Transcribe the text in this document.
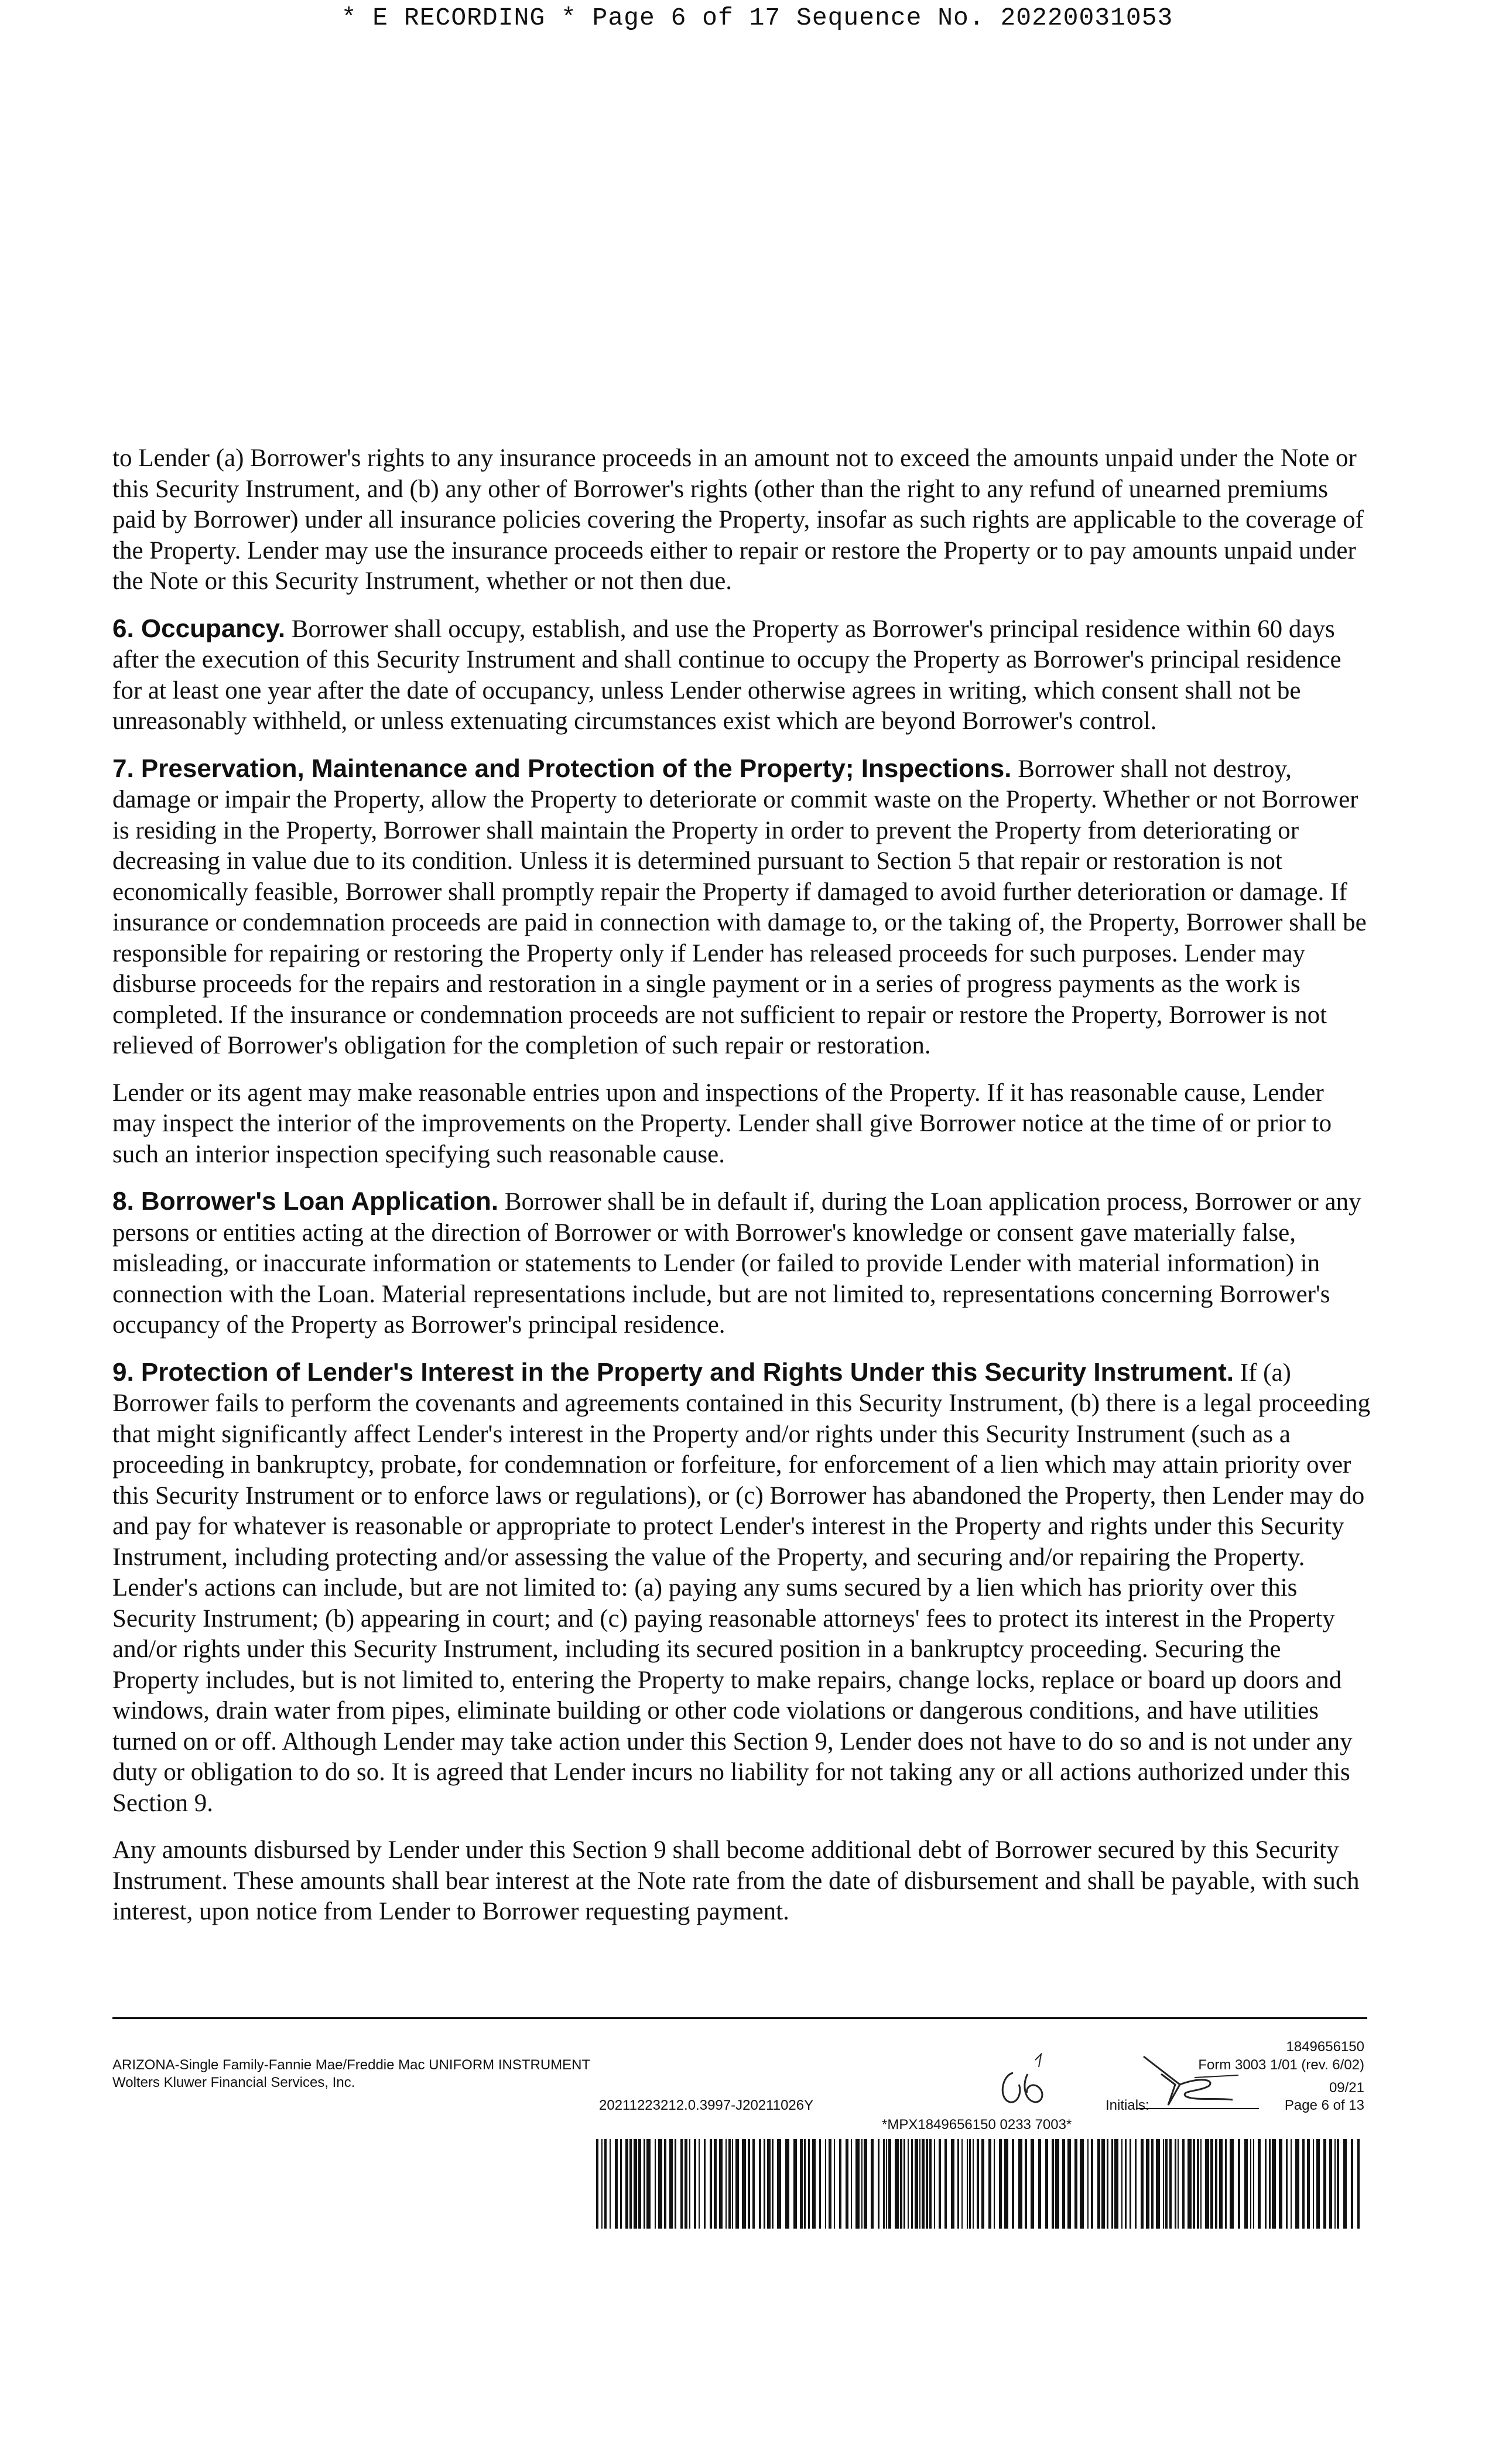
* E RECORDING * Page 6 of 17 Sequence No. 20220031053

to Lender (a) Borrower's rights to any insurance proceeds in an amount not to exceed the amounts unpaid under the Note or this Security Instrument, and (b) any other of Borrower's rights (other than the right to any refund of unearned premiums paid by Borrower) under all insurance policies covering the Property, insofar as such rights are applicable to the coverage of the Property. Lender may use the insurance proceeds either to repair or restore the Property or to pay amounts unpaid under the Note or this Security Instrument, whether or not then due.

6. Occupancy. Borrower shall occupy, establish, and use the Property as Borrower's principal residence within 60 days after the execution of this Security Instrument and shall continue to occupy the Property as Borrower's principal residence for at least one year after the date of occupancy, unless Lender otherwise agrees in writing, which consent shall not be unreasonably withheld, or unless extenuating circumstances exist which are beyond Borrower's control.

7. Preservation, Maintenance and Protection of the Property; Inspections. Borrower shall not destroy, damage or impair the Property, allow the Property to deteriorate or commit waste on the Property. Whether or not Borrower is residing in the Property, Borrower shall maintain the Property in order to prevent the Property from deteriorating or decreasing in value due to its condition. Unless it is determined pursuant to Section 5 that repair or restoration is not economically feasible, Borrower shall promptly repair the Property if damaged to avoid further deterioration or damage. If insurance or condemnation proceeds are paid in connection with damage to, or the taking of, the Property, Borrower shall be responsible for repairing or restoring the Property only if Lender has released proceeds for such purposes. Lender may disburse proceeds for the repairs and restoration in a single payment or in a series of progress payments as the work is completed. If the insurance or condemnation proceeds are not sufficient to repair or restore the Property, Borrower is not relieved of Borrower's obligation for the completion of such repair or restoration.

Lender or its agent may make reasonable entries upon and inspections of the Property. If it has reasonable cause, Lender may inspect the interior of the improvements on the Property. Lender shall give Borrower notice at the time of or prior to such an interior inspection specifying such reasonable cause.

8. Borrower's Loan Application. Borrower shall be in default if, during the Loan application process, Borrower or any persons or entities acting at the direction of Borrower or with Borrower's knowledge or consent gave materially false, misleading, or inaccurate information or statements to Lender (or failed to provide Lender with material information) in connection with the Loan. Material representations include, but are not limited to, representations concerning Borrower's occupancy of the Property as Borrower's principal residence.

9. Protection of Lender's Interest in the Property and Rights Under this Security Instrument. If (a) Borrower fails to perform the covenants and agreements contained in this Security Instrument, (b) there is a legal proceeding that might significantly affect Lender's interest in the Property and/or rights under this Security Instrument (such as a proceeding in bankruptcy, probate, for condemnation or forfeiture, for enforcement of a lien which may attain priority over this Security Instrument or to enforce laws or regulations), or (c) Borrower has abandoned the Property, then Lender may do and pay for whatever is reasonable or appropriate to protect Lender's interest in the Property and rights under this Security Instrument, including protecting and/or assessing the value of the Property, and securing and/or repairing the Property. Lender's actions can include, but are not limited to: (a) paying any sums secured by a lien which has priority over this Security Instrument; (b) appearing in court; and (c) paying reasonable attorneys' fees to protect its interest in the Property and/or rights under this Security Instrument, including its secured position in a bankruptcy proceeding. Securing the Property includes, but is not limited to, entering the Property to make repairs, change locks, replace or board up doors and windows, drain water from pipes, eliminate building or other code violations or dangerous conditions, and have utilities turned on or off. Although Lender may take action under this Section 9, Lender does not have to do so and is not under any duty or obligation to do so. It is agreed that Lender incurs no liability for not taking any or all actions authorized under this Section 9.

Any amounts disbursed by Lender under this Section 9 shall become additional debt of Borrower secured by this Security Instrument. These amounts shall bear interest at the Note rate from the date of disbursement and shall be payable, with such interest, upon notice from Lender to Borrower requesting payment.

ARIZONA-Single Family-Fannie Mae/Freddie Mac UNIFORM INSTRUMENT
Wolters Kluwer Financial Services, Inc.
20211223212.0.3997-J20211026Y
1849656150
Form 3003 1/01 (rev. 6/02)
09/21
Page 6 of 13
Initials:
*MPX1849656150 0233 7003*
